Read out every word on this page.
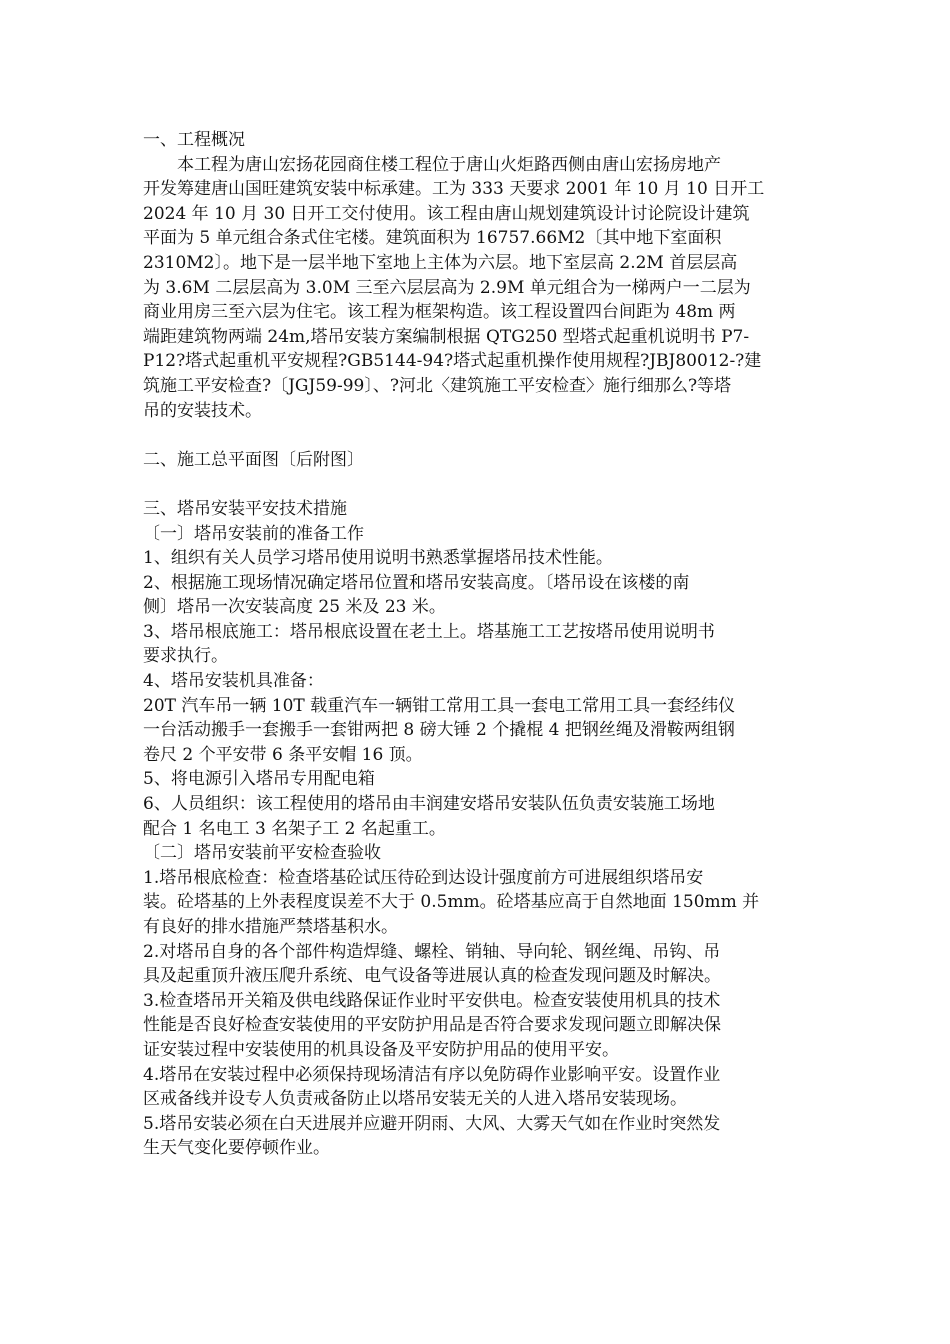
一、工程概况
　　本工程为唐山宏扬花园商住楼工程位于唐山火炬路西侧由唐山宏扬房地产
开发筹建唐山国旺建筑安装中标承建。工为 333 天要求 2001 年 10 月 10 日开工
2024 年 10 月 30 日开工交付使用。该工程由唐山规划建筑设计讨论院设计建筑
平面为 5 单元组合条式住宅楼。建筑面积为 16757.66M2〔其中地下室面积
2310M2〕。地下是一层半地下室地上主体为六层。地下室层高 2.2M 首层层高
为 3.6M 二层层高为 3.0M 三至六层层高为 2.9M 单元组合为一梯两户一二层为
商业用房三至六层为住宅。该工程为框架构造。该工程设置四台间距为 48m 两
端距建筑物两端 24m,塔吊安装方案编制根据 QTG250 型塔式起重机说明书 P7-
P12?塔式起重机平安规程?GB5144-94?塔式起重机操作使用规程?JBJ80012-?建
筑施工平安检查?〔JGJ59-99〕、?河北〈建筑施工平安检查〉施行细那么?等塔
吊的安装技术。
二、施工总平面图〔后附图〕
三、塔吊安装平安技术措施
〔一〕塔吊安装前的准备工作
1、组织有关人员学习塔吊使用说明书熟悉掌握塔吊技术性能。
2、根据施工现场情况确定塔吊位置和塔吊安装高度。〔塔吊设在该楼的南
侧〕塔吊一次安装高度 25 米及 23 米。
3、塔吊根底施工：塔吊根底设置在老土上。塔基施工工艺按塔吊使用说明书
要求执行。
4、塔吊安装机具准备：
20T 汽车吊一辆 10T 载重汽车一辆钳工常用工具一套电工常用工具一套经纬仪
一台活动搬手一套搬手一套钳两把 8 磅大锤 2 个撬棍 4 把钢丝绳及滑鞍两组钢
卷尺 2 个平安带 6 条平安帽 16 顶。
5、将电源引入塔吊专用配电箱
6、人员组织：该工程使用的塔吊由丰润建安塔吊安装队伍负责安装施工场地
配合 1 名电工 3 名架子工 2 名起重工。
〔二〕塔吊安装前平安检查验收
1.塔吊根底检查：检查塔基砼试压待砼到达设计强度前方可进展组织塔吊安
装。砼塔基的上外表程度误差不大于 0.5mm。砼塔基应高于自然地面 150mm 并
有良好的排水措施严禁塔基积水。
2.对塔吊自身的各个部件构造焊缝、螺栓、销轴、导向轮、钢丝绳、吊钩、吊
具及起重顶升液压爬升系统、电气设备等进展认真的检查发现问题及时解决。
3.检查塔吊开关箱及供电线路保证作业时平安供电。检查安装使用机具的技术
性能是否良好检查安装使用的平安防护用品是否符合要求发现问题立即解决保
证安装过程中安装使用的机具设备及平安防护用品的使用平安。
4.塔吊在安装过程中必须保持现场清洁有序以免防碍作业影响平安。设置作业
区戒备线并设专人负责戒备防止以塔吊安装无关的人进入塔吊安装现场。
5.塔吊安装必须在白天进展并应避开阴雨、大风、大雾天气如在作业时突然发
生天气变化要停顿作业。
